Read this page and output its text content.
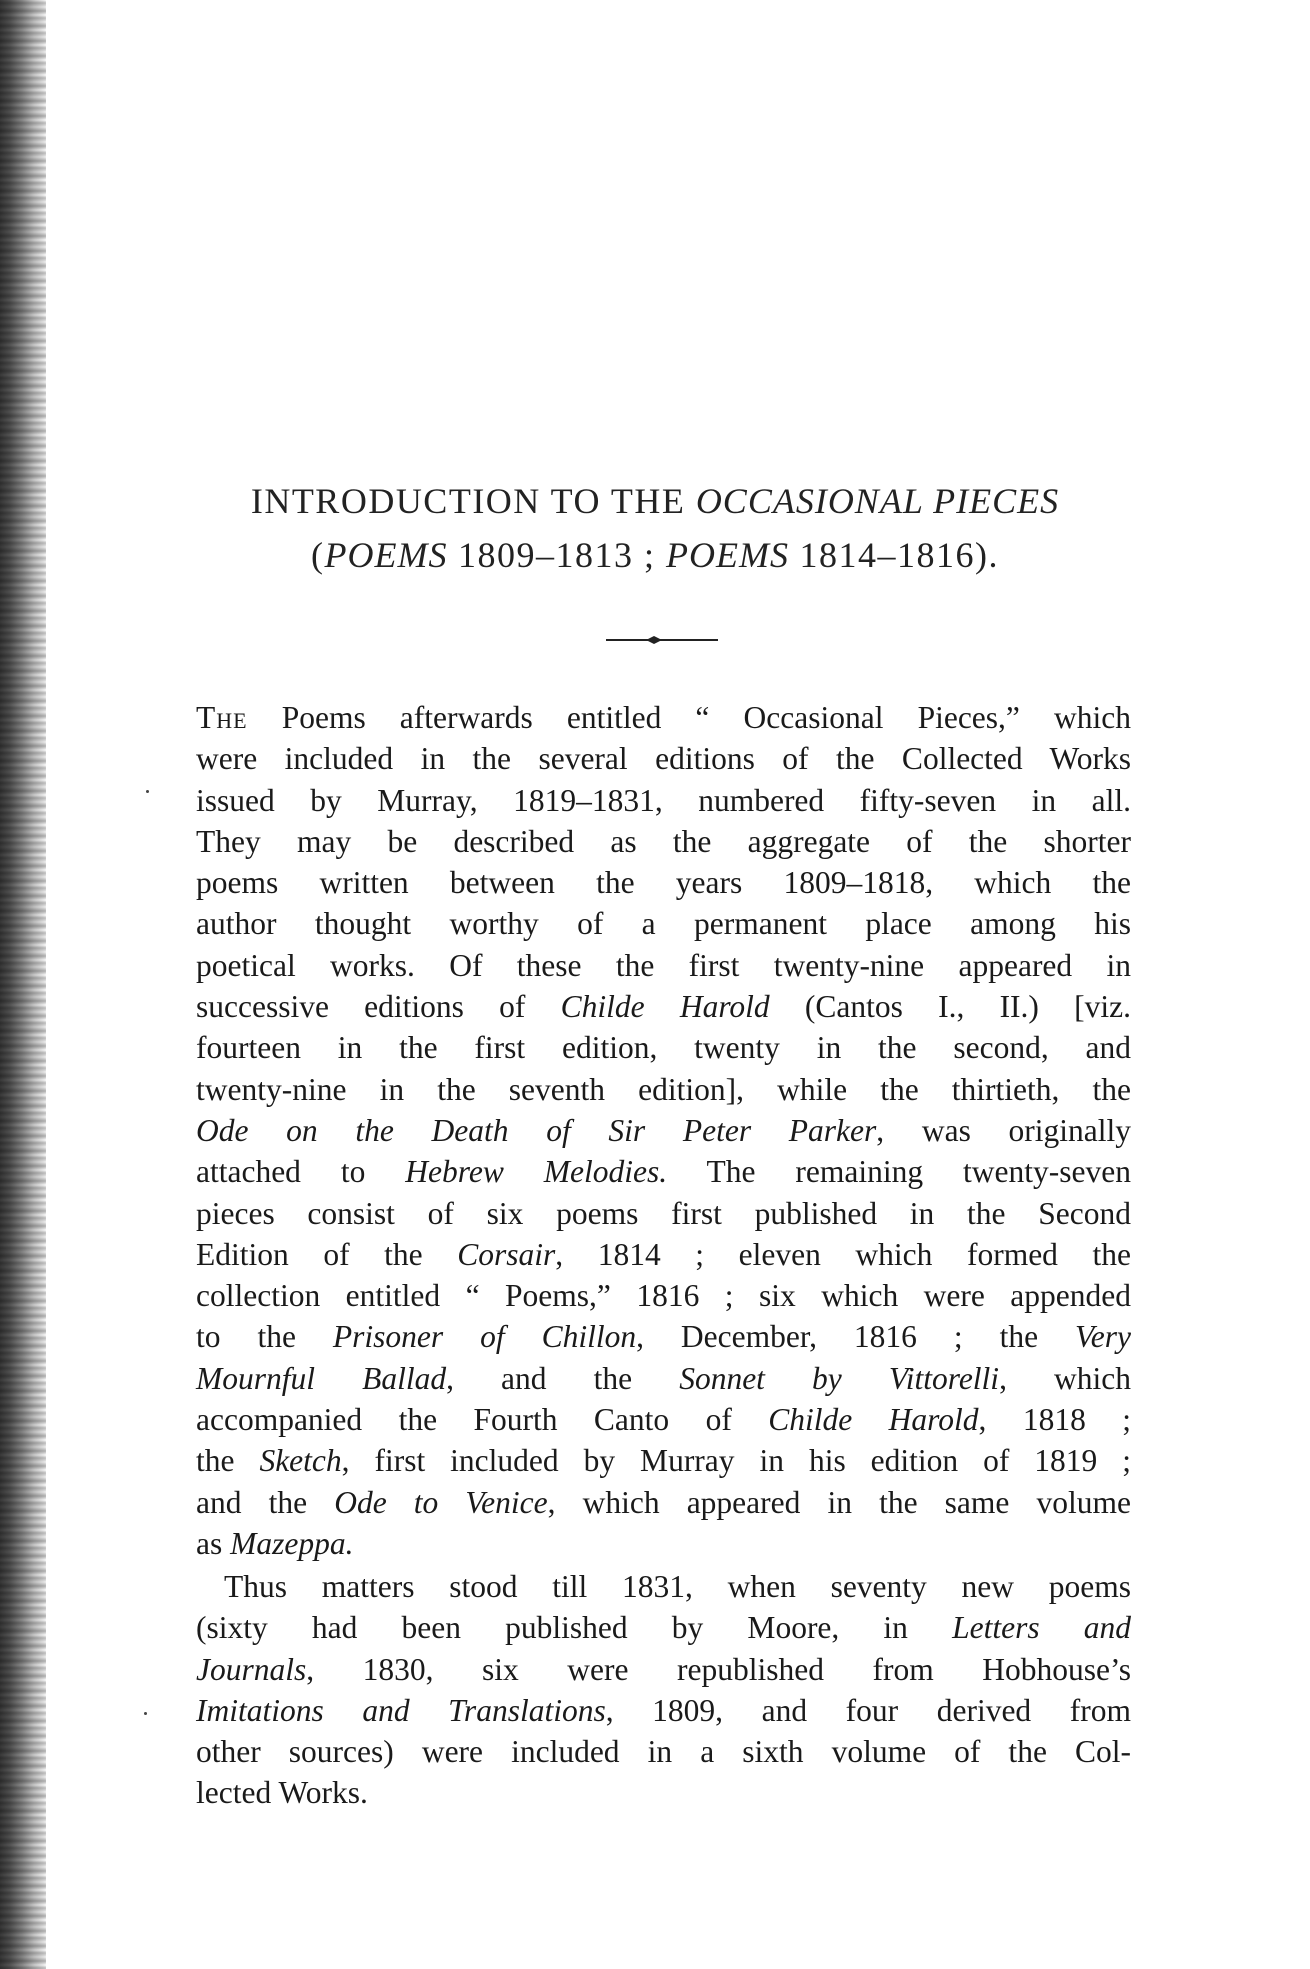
INTRODUCTION TO THE OCCASIONAL PIECES
(POEMS 1809–1813 ; POEMS 1814–1816).
The Poems afterwards entitled “ Occasional Pieces,” which
were included in the several editions of the Collected Works
issued by Murray, 1819–1831, numbered fifty-seven in all.
They may be described as the aggregate of the shorter
poems written between the years 1809–1818, which the
author thought worthy of a permanent place among his
poetical works. Of these the first twenty-nine appeared in
successive editions of Childe Harold (Cantos I., II.) [viz.
fourteen in the first edition, twenty in the second, and
twenty-nine in the seventh edition], while the thirtieth, the
Ode on the Death of Sir Peter Parker, was originally
attached to Hebrew Melodies. The remaining twenty-seven
pieces consist of six poems first published in the Second
Edition of the Corsair, 1814 ; eleven which formed the
collection entitled “ Poems,” 1816 ; six which were appended
to the Prisoner of Chillon, December, 1816 ; the Very
Mournful Ballad, and the Sonnet by Vittorelli, which
accompanied the Fourth Canto of Childe Harold, 1818 ;
the Sketch, first included by Murray in his edition of 1819 ;
and the Ode to Venice, which appeared in the same volume
as Mazeppa.
Thus matters stood till 1831, when seventy new poems
(sixty had been published by Moore, in Letters and
Journals, 1830, six were republished from Hobhouse’s
Imitations and Translations, 1809, and four derived from
other sources) were included in a sixth volume of the Col-
lected Works.
